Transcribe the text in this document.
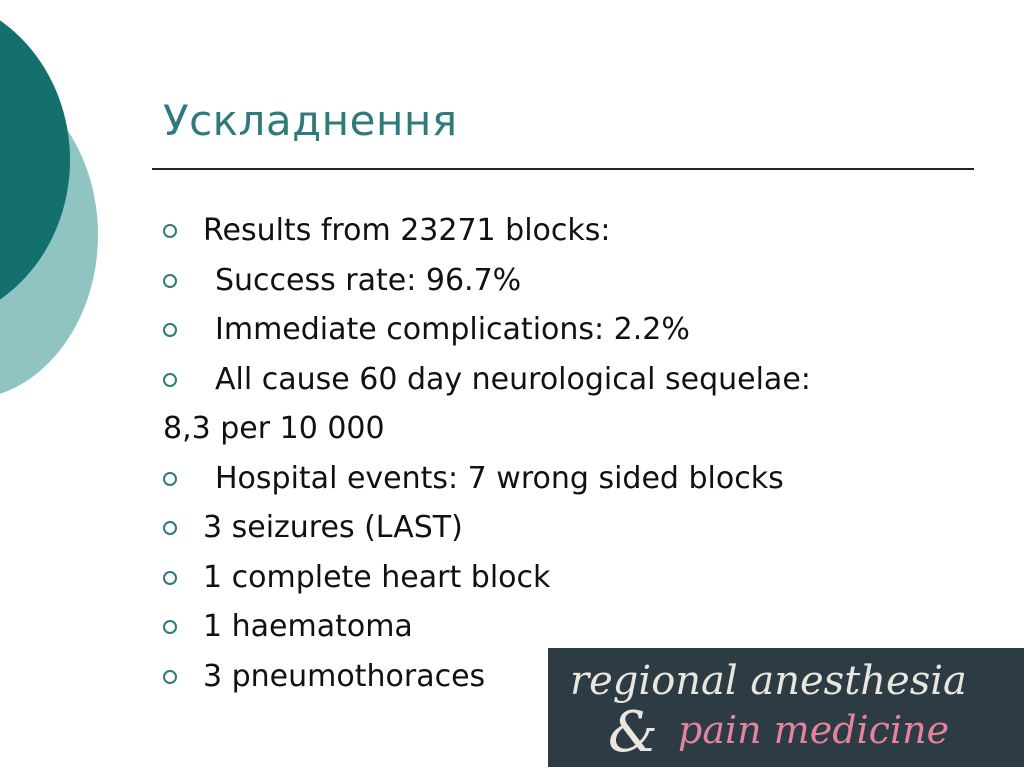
Ускладнення
Results from 23271 blocks:
Success rate: 96.7%
Immediate complications: 2.2%
All cause 60 day neurological sequelae:
8,3 per 10 000
Hospital events: 7 wrong sided blocks
3 seizures (LAST)
1 complete heart block
1 haematoma
3 pneumothoraces regional anesthesia
& pain medicine
